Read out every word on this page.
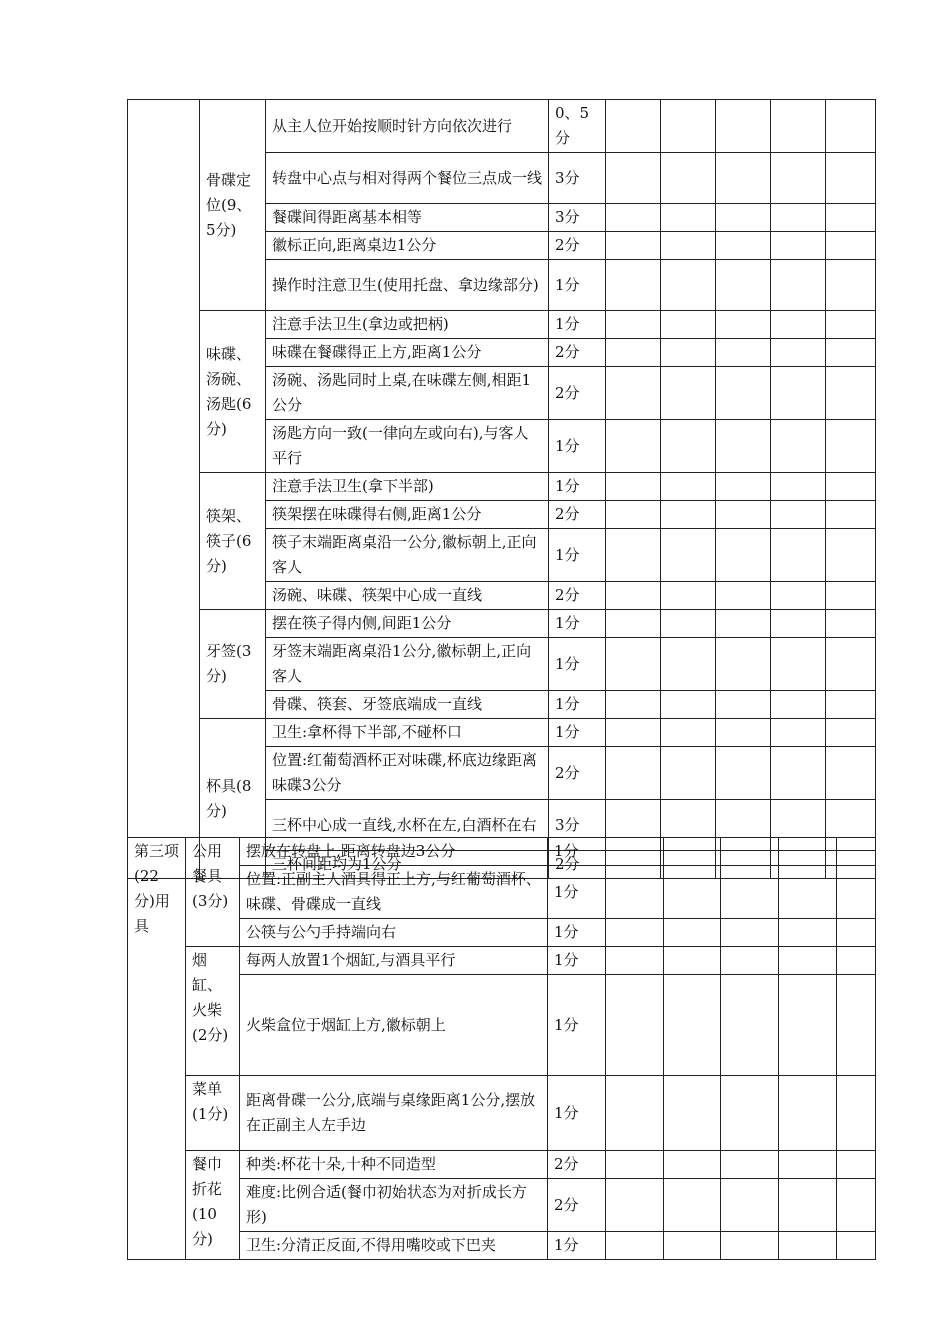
	骨碟定位(9、5分)	从主人位开始按顺时针方向依次进行	0、5分					
		转盘中心点与相对得两个餐位三点成一线	3分					
		餐碟间得距离基本相等	3分					
		徽标正向,距离桌边1公分	2分					
		操作时注意卫生(使用托盘、拿边缘部分)	1分					
	味碟、汤碗、汤匙(6分)	注意手法卫生(拿边或把柄)	1分					
		味碟在餐碟得正上方,距离1公分	2分					
		汤碗、汤匙同时上桌,在味碟左侧,相距1公分	2分					
		汤匙方向一致(一律向左或向右),与客人平行	1分					
	筷架、筷子(6分)	注意手法卫生(拿下半部)	1分					
		筷架摆在味碟得右侧,距离1公分	2分					
		筷子末端距离桌沿一公分,徽标朝上,正向客人	1分					
		汤碗、味碟、筷架中心成一直线	2分					
	牙签(3分)	摆在筷子得内侧,间距1公分	1分					
		牙签末端距离桌沿1公分,徽标朝上,正向客人	1分					
		骨碟、筷套、牙签底端成一直线	1分					
	杯具(8分)	卫生:拿杯得下半部,不碰杯口	1分					
		位置:红葡萄酒杯正对味碟,杯底边缘距离味碟3公分	2分					
		三杯中心成一直线,水杯在左,白酒杯在右	3分					
		三杯间距均为1公分	2分					
第三项(22分)用具	公用餐具(3分)	摆放在转盘上,距离转盘边3公分	1分					
		位置:正副主人酒具得正上方,与红葡萄酒杯、味碟、骨碟成一直线	1分					
		公筷与公勺手持端向右	1分					
	烟缸、火柴(2分)	每两人放置1个烟缸,与酒具平行	1分					
		火柴盒位于烟缸上方,徽标朝上	1分					
	菜单(1分)	距离骨碟一公分,底端与桌缘距离1公分,摆放在正副主人左手边	1分					
	餐巾折花(10分)	种类:杯花十朵,十种不同造型	2分					
		难度:比例合适(餐巾初始状态为对折成长方形)	2分					
		卫生:分清正反面,不得用嘴咬或下巴夹	1分					
